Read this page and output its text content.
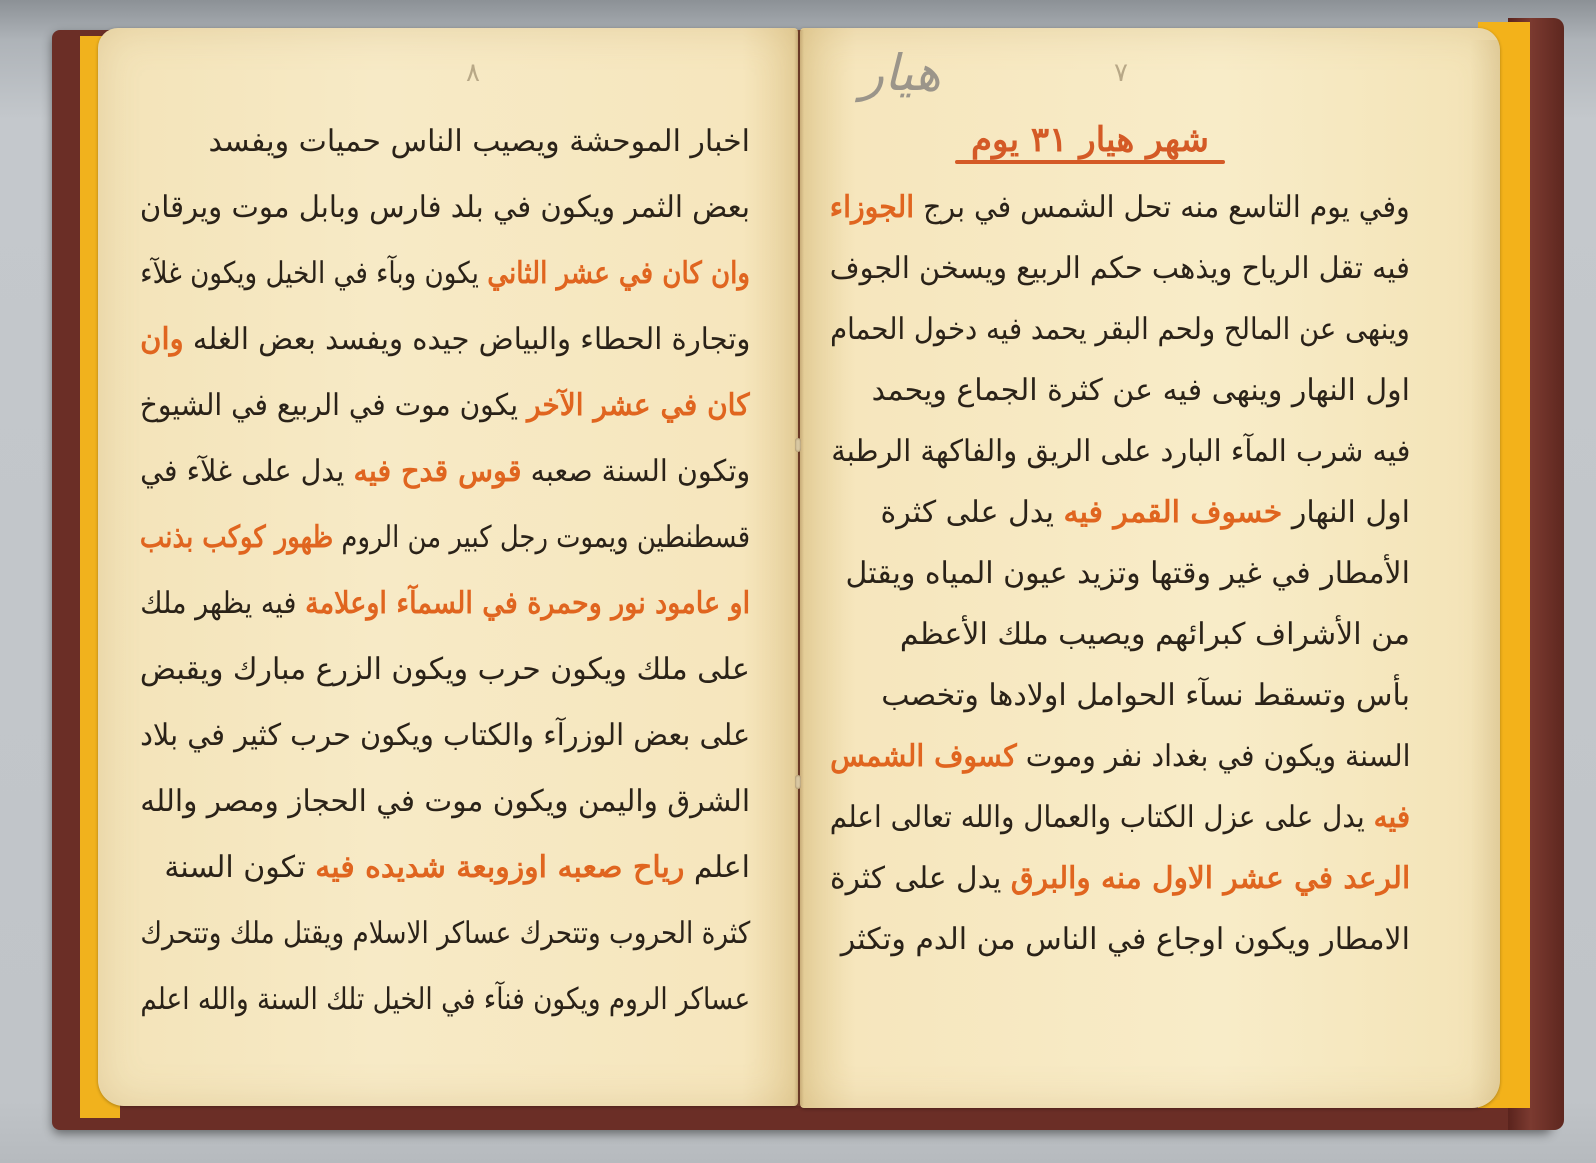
٨	٧
هيار
شهر هيار ٣١ يوم
اخبار الموحشة ويصيب الناس حميات ويفسد
بعض الثمر ويكون في بلد فارس وبابل موت ويرقان
وان كان في عشر الثاني يكون وبآء في الخيل ويكون غلآء
وتجارة الحطاء والبياض جيده ويفسد بعض الغله وان
كان في عشر الآخر يكون موت في الربيع في الشيوخ
وتكون السنة صعبه قوس قدح فيه يدل على غلآء في
قسطنطين ويموت رجل كبير من الروم ظهور كوكب بذنب
او عامود نور وحمرة في السمآء اوعلامة فيه يظهر ملك
على ملك ويكون حرب ويكون الزرع مبارك ويقبض
على بعض الوزرآء والكتاب ويكون حرب كثير في بلاد
الشرق واليمن ويكون موت في الحجاز ومصر والله
اعلم رياح صعبه اوزوبعة شديده فيه تكون السنة
كثرة الحروب وتتحرك عساكر الاسلام ويقتل ملك وتتحرك
عساكر الروم ويكون فنآء في الخيل تلك السنة والله اعلم
وفي يوم التاسع منه تحل الشمس في برج الجوزاء
فيه تقل الرياح ويذهب حكم الربيع ويسخن الجوف
وينهى عن المالح ولحم البقر يحمد فيه دخول الحمام
اول النهار وينهى فيه عن كثرة الجماع ويحمد
فيه شرب المآء البارد على الريق والفاكهة الرطبة
اول النهار خسوف القمر فيه يدل على كثرة
الأمطار في غير وقتها وتزيد عيون المياه ويقتل
من الأشراف كبرائهم ويصيب ملك الأعظم
بأس وتسقط نسآء الحوامل اولادها وتخصب
السنة ويكون في بغداد نفر وموت كسوف الشمس
فيه يدل على عزل الكتاب والعمال والله تعالى اعلم
الرعد في عشر الاول منه والبرق يدل على كثرة
الامطار ويكون اوجاع في الناس من الدم وتكثر
